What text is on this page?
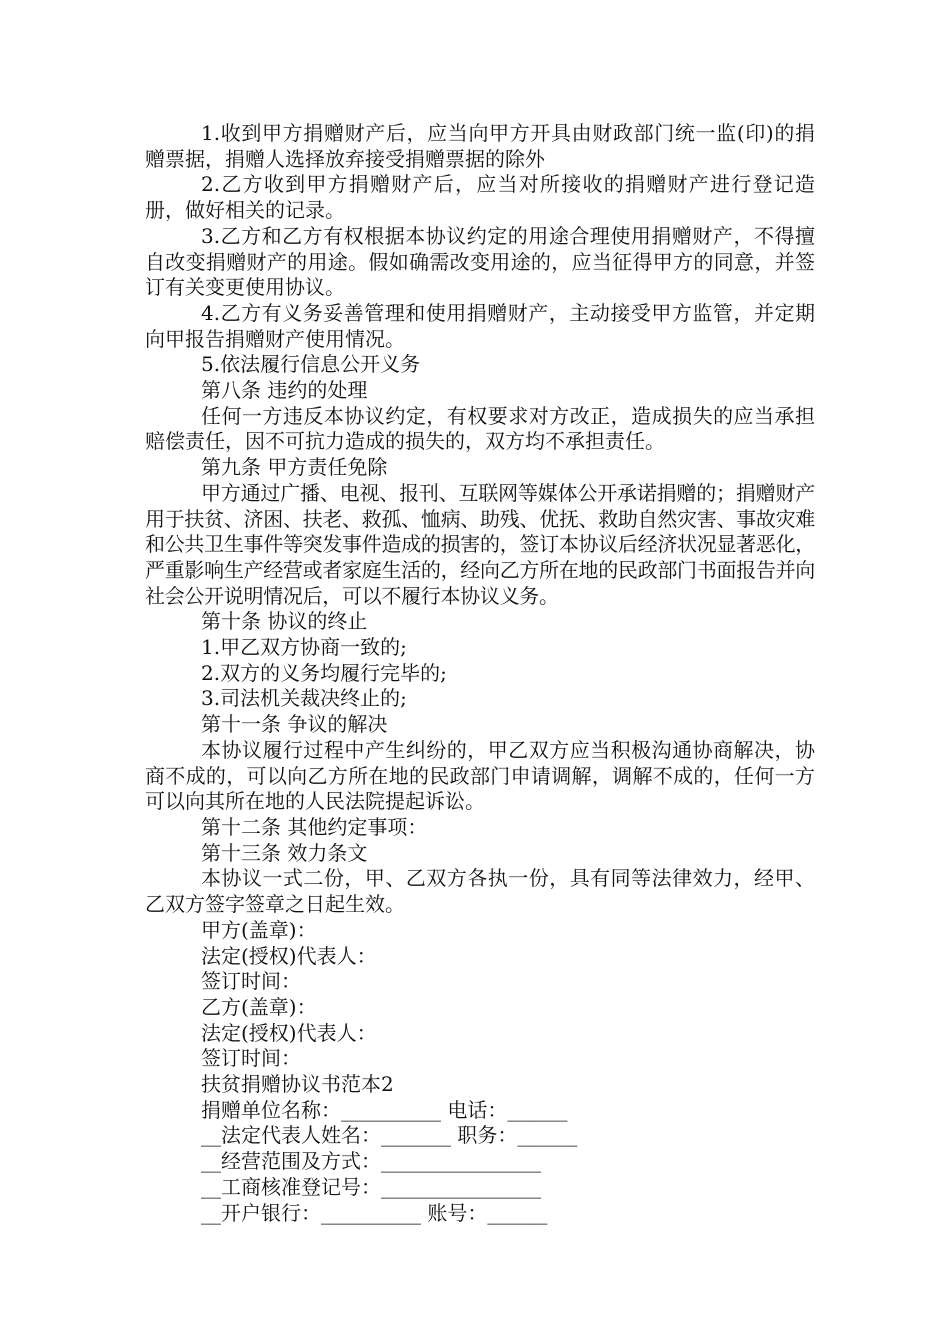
1.收到甲方捐赠财产后，应当向甲方开具由财政部门统一监(印)的捐赠票据，捐赠人选择放弃接受捐赠票据的除外

2.乙方收到甲方捐赠财产后，应当对所接收的捐赠财产进行登记造册，做好相关的记录。

3.乙方和乙方有权根据本协议约定的用途合理使用捐赠财产，不得擅自改变捐赠财产的用途。假如确需改变用途的，应当征得甲方的同意，并签订有关变更使用协议。

4.乙方有义务妥善管理和使用捐赠财产，主动接受甲方监管，并定期向甲报告捐赠财产使用情况。

5.依法履行信息公开义务

第八条 违约的处理

任何一方违反本协议约定，有权要求对方改正，造成损失的应当承担赔偿责任，因不可抗力造成的损失的，双方均不承担责任。

第九条 甲方责任免除

甲方通过广播、电视、报刊、互联网等媒体公开承诺捐赠的；捐赠财产用于扶贫、济困、扶老、救孤、恤病、助残、优抚、救助自然灾害、事故灾难和公共卫生事件等突发事件造成的损害的，签订本协议后经济状况显著恶化，严重影响生产经营或者家庭生活的，经向乙方所在地的民政部门书面报告并向社会公开说明情况后，可以不履行本协议义务。

第十条 协议的终止

1.甲乙双方协商一致的;

2.双方的义务均履行完毕的;

3.司法机关裁决终止的;

第十一条 争议的解决

本协议履行过程中产生纠纷的，甲乙双方应当积极沟通协商解决，协商不成的，可以向乙方所在地的民政部门申请调解，调解不成的，任何一方可以向其所在地的人民法院提起诉讼。

第十二条 其他约定事项：

第十三条 效力条文

本协议一式二份，甲、乙双方各执一份，具有同等法律效力，经甲、乙双方签字签章之日起生效。

甲方(盖章)：

法定(授权)代表人：

签订时间：

乙方(盖章)：

法定(授权)代表人：

签订时间：

扶贫捐赠协议书范本2

捐赠单位名称：__________ 电话：______

__法定代表人姓名：_______ 职务：______

__经营范围及方式：________________

__工商核准登记号：________________

__开户银行：__________ 账号：______
